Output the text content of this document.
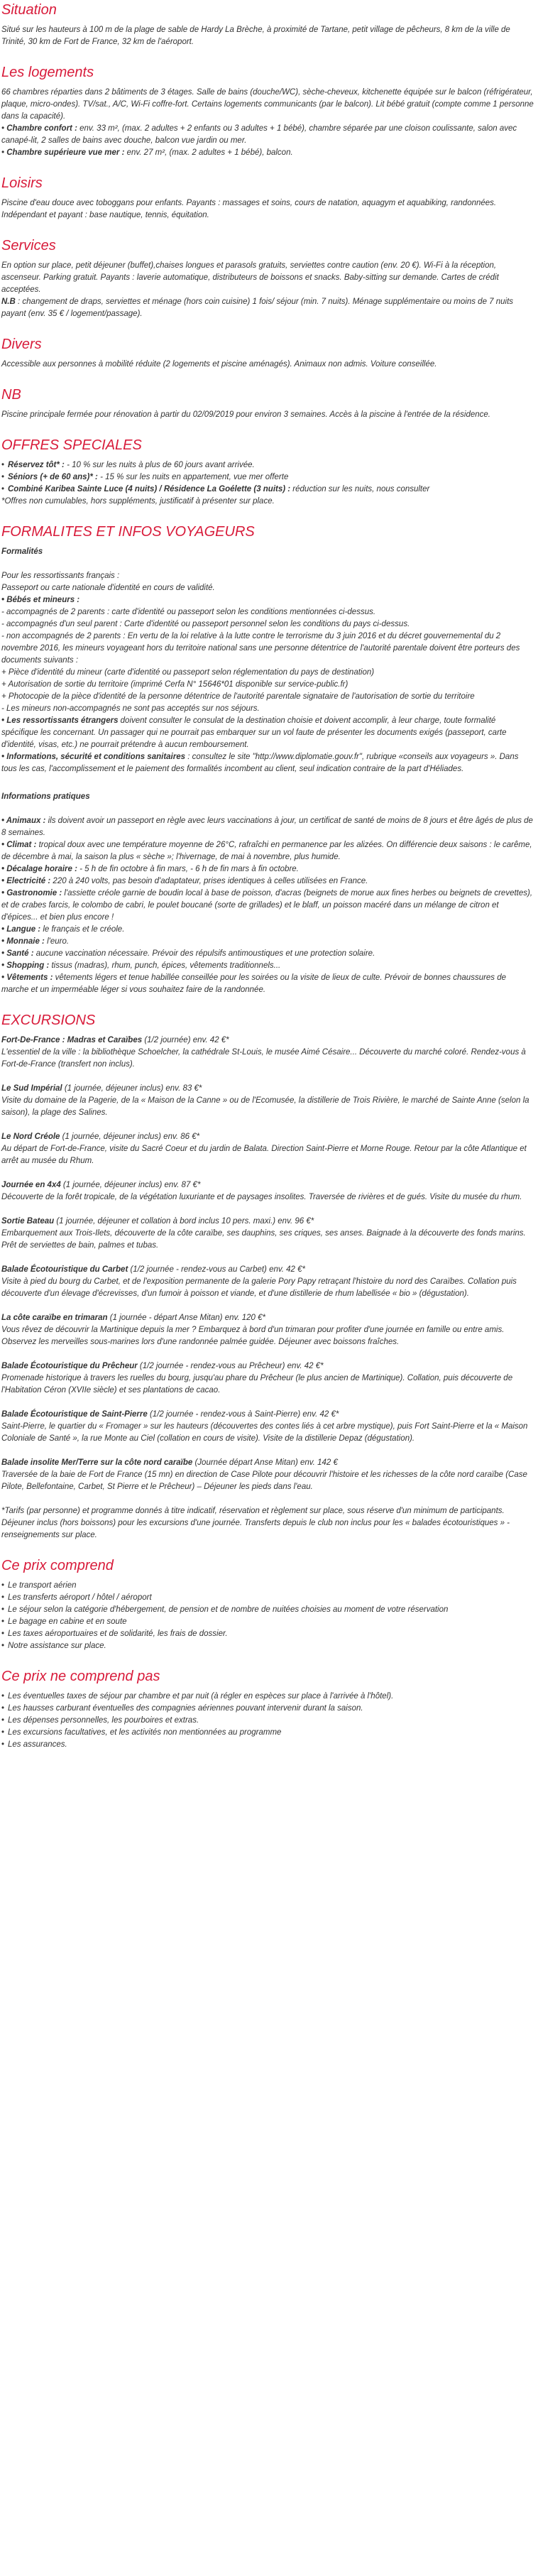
Situation

Situé sur les hauteurs à 100 m de la plage de sable de Hardy La Brèche, à proximité de Tartane, petit village de pêcheurs, 8 km de la ville de Trinité, 30 km de Fort de France, 32 km de l'aéroport.

Les logements

66 chambres réparties dans 2 bâtiments de 3 étages. Salle de bains (douche/WC), sèche-cheveux, kitchenette équipée sur le balcon (réfrigérateur, plaque, micro-ondes). TV/sat., A/C, Wi-Fi coffre-fort. Certains logements communicants (par le balcon). Lit bébé gratuit (compte comme 1 personne dans la capacité).

• Chambre confort : env. 33 m², (max. 2 adultes + 2 enfants ou 3 adultes + 1 bébé), chambre séparée par une cloison coulissante, salon avec canapé-lit, 2 salles de bains avec douche, balcon vue jardin ou mer.

• Chambre supérieure vue mer : env. 27 m², (max. 2 adultes + 1 bébé), balcon.

Loisirs

Piscine d'eau douce avec toboggans pour enfants. Payants : massages et soins, cours de natation, aquagym et aquabiking, randonnées. Indépendant et payant : base nautique, tennis, équitation.

Services

En option sur place, petit déjeuner (buffet),chaises longues et parasols gratuits, serviettes contre caution (env. 20 €). Wi-Fi à la réception, ascenseur. Parking gratuit. Payants : laverie automatique, distributeurs de boissons et snacks. Baby-sitting sur demande. Cartes de crédit acceptées.

N.B : changement de draps, serviettes et ménage (hors coin cuisine) 1 fois/ séjour (min. 7 nuits). Ménage supplémentaire ou moins de 7 nuits payant (env. 35 € / logement/passage).

Divers

Accessible aux personnes à mobilité réduite (2 logements et piscine aménagés). Animaux non admis. Voiture conseillée.

NB

Piscine principale fermée pour rénovation à partir du 02/09/2019 pour environ 3 semaines. Accès à la piscine à l'entrée de la résidence.

OFFRES SPECIALES
• Réservez tôt* : - 10 % sur les nuits à plus de 60 jours avant arrivée.
• Séniors (+ de 60 ans)* : - 15 % sur les nuits en appartement, vue mer offerte
• Combiné Karibea Sainte Luce (4 nuits) / Résidence La Goélette (3 nuits) : réduction sur les nuits, nous consulter

*Offres non cumulables, hors suppléments, justificatif à présenter sur place.

FORMALITES ET INFOS VOYAGEURS

Formalités

Pour les ressortissants français :

Passeport ou carte nationale d'identité en cours de validité.

• Bébés et mineurs :

- accompagnés de 2 parents : carte d'identité ou passeport selon les conditions mentionnées ci-dessus.

- accompagnés d'un seul parent : Carte d'identité ou passeport personnel selon les conditions du pays ci-dessus.

- non accompagnés de 2 parents : En vertu de la loi relative à la lutte contre le terrorisme du 3 juin 2016 et du décret gouvernemental du 2 novembre 2016, les mineurs voyageant hors du territoire national sans une personne détentrice de l'autorité parentale doivent être porteurs des documents suivants :

+ Pièce d'identité du mineur (carte d'identité ou passeport selon réglementation du pays de destination)

+ Autorisation de sortie du territoire (imprimé Cerfa N° 15646*01 disponible sur service-public.fr)

+ Photocopie de la pièce d'identité de la personne détentrice de l'autorité parentale signataire de l'autorisation de sortie du territoire

- Les mineurs non-accompagnés ne sont pas acceptés sur nos séjours.

• Les ressortissants étrangers doivent consulter le consulat de la destination choisie et doivent accomplir, à leur charge, toute formalité spécifique les concernant. Un passager qui ne pourrait pas embarquer sur un vol faute de présenter les documents exigés (passeport, carte d'identité, visas, etc.) ne pourrait prétendre à aucun remboursement.

• Informations, sécurité et conditions sanitaires : consultez le site "http://www.diplomatie.gouv.fr", rubrique «conseils aux voyageurs ». Dans tous les cas, l'accomplissement et le paiement des formalités incombent au client, seul indication contraire de la part d'Héliades.

Informations pratiques

• Animaux : ils doivent avoir un passeport en règle avec leurs vaccinations à jour, un certificat de santé de moins de 8 jours et être âgés de plus de 8 semaines.

• Climat : tropical doux avec une température moyenne de 26°C, rafraîchi en permanence par les alizées. On différencie deux saisons : le carême, de décembre à mai, la saison la plus « sèche »; l'hivernage, de mai à novembre, plus humide.

• Décalage horaire : - 5 h de fin octobre à fin mars, - 6 h de fin mars à fin octobre.

• Electricité : 220 à 240 volts, pas besoin d'adaptateur, prises identiques à celles utilisées en France.

• Gastronomie : l'assiette créole garnie de boudin local à base de poisson, d'acras (beignets de morue aux fines herbes ou beignets de crevettes), et de crabes farcis, le colombo de cabri, le poulet boucané (sorte de grillades) et le blaff, un poisson macéré dans un mélange de citron et d'épices... et bien plus encore !

• Langue : le français et le créole.

• Monnaie : l'euro.

• Santé : aucune vaccination nécessaire. Prévoir des répulsifs antimoustiques et une protection solaire.

• Shopping : tissus (madras), rhum, punch, épices, vêtements traditionnels...

• Vêtements : vêtements légers et tenue habillée conseillée pour les soirées ou la visite de lieux de culte. Prévoir de bonnes chaussures de marche et un imperméable léger si vous souhaitez faire de la randonnée.

EXCURSIONS

Fort-De-France : Madras et Caraïbes (1/2 journée) env. 42 €*

L'essentiel de la ville : la bibliothèque Schoelcher, la cathédrale St-Louis, le musée Aimé Césaire... Découverte du marché coloré. Rendez-vous à Fort-de-France (transfert non inclus).

Le Sud Impérial (1 journée, déjeuner inclus) env. 83 €*

Visite du domaine de la Pagerie, de la « Maison de la Canne » ou de l'Ecomusée, la distillerie de Trois Rivière, le marché de Sainte Anne (selon la saison), la plage des Salines.

Le Nord Créole (1 journée, déjeuner inclus) env. 86 €*

Au départ de Fort-de-France, visite du Sacré Coeur et du jardin de Balata. Direction Saint-Pierre et Morne Rouge. Retour par la côte Atlantique et arrêt au musée du Rhum.

Journée en 4x4 (1 journée, déjeuner inclus) env. 87 €*

Découverte de la forêt tropicale, de la végétation luxuriante et de paysages insolites. Traversée de rivières et de gués. Visite du musée du rhum.

Sortie Bateau (1 journée, déjeuner et collation à bord inclus 10 pers. maxi.) env. 96 €*

Embarquement aux Trois-Ilets, découverte de la côte caraïbe, ses dauphins, ses criques, ses anses. Baignade à la découverte des fonds marins. Prêt de serviettes de bain, palmes et tubas.

Balade Écotouristique du Carbet (1/2 journée - rendez-vous au Carbet) env. 42 €*

Visite à pied du bourg du Carbet, et de l'exposition permanente de la galerie Pory Papy retraçant l'histoire du nord des Caraïbes. Collation puis découverte d'un élevage d'écrevisses, d'un fumoir à poisson et viande, et d'une distillerie de rhum labellisée « bio » (dégustation).

La côte caraïbe en trimaran (1 journée - départ Anse Mitan) env. 120 €*

Vous rêvez de découvrir la Martinique depuis la mer ? Embarquez à bord d'un trimaran pour profiter d'une journée en famille ou entre amis. Observez les merveilles sous-marines lors d'une randonnée palmée guidée. Déjeuner avec boissons fraîches.

Balade Écotouristique du Prêcheur (1/2 journée - rendez-vous au Prêcheur) env. 42 €*

Promenade historique à travers les ruelles du bourg, jusqu'au phare du Prêcheur (le plus ancien de Martinique). Collation, puis découverte de l'Habitation Céron (XVIIe siècle) et ses plantations de cacao.

Balade Écotouristique de Saint-Pierre (1/2 journée - rendez-vous à Saint-Pierre) env. 42 €*

Saint-Pierre, le quartier du « Fromager » sur les hauteurs (découvertes des contes liés à cet arbre mystique), puis Fort Saint-Pierre et la « Maison Coloniale de Santé », la rue Monte au Ciel (collation en cours de visite). Visite de la distillerie Depaz (dégustation).

Balade insolite Mer/Terre sur la côte nord caraïbe (Journée départ Anse Mitan) env. 142 €

Traversée de la baie de Fort de France (15 mn) en direction de Case Pilote pour découvrir l'histoire et les richesses de la côte nord caraïbe (Case Pilote, Bellefontaine, Carbet, St Pierre et le Prêcheur) – Déjeuner les pieds dans l'eau.

*Tarifs (par personne) et programme donnés à titre indicatif, réservation et règlement sur place, sous réserve d'un minimum de participants. Déjeuner inclus (hors boissons) pour les excursions d'une journée. Transferts depuis le club non inclus pour les « balades écotouristiques » - renseignements sur place.

Ce prix comprend
• Le transport aérien
• Les transferts aéroport / hôtel / aéroport
• Le séjour selon la catégorie d'hébergement, de pension et de nombre de nuitées choisies au moment de votre réservation
• Le bagage en cabine et en soute
• Les taxes aéroportuaires et de solidarité, les frais de dossier.
• Notre assistance sur place.
Ce prix ne comprend pas
• Les éventuelles taxes de séjour par chambre et par nuit (à régler en espèces sur place à l'arrivée à l'hôtel).
• Les hausses carburant éventuelles des compagnies aériennes pouvant intervenir durant la saison.
• Les dépenses personnelles, les pourboires et extras.
• Les excursions facultatives, et les activités non mentionnées au programme
• Les assurances.
